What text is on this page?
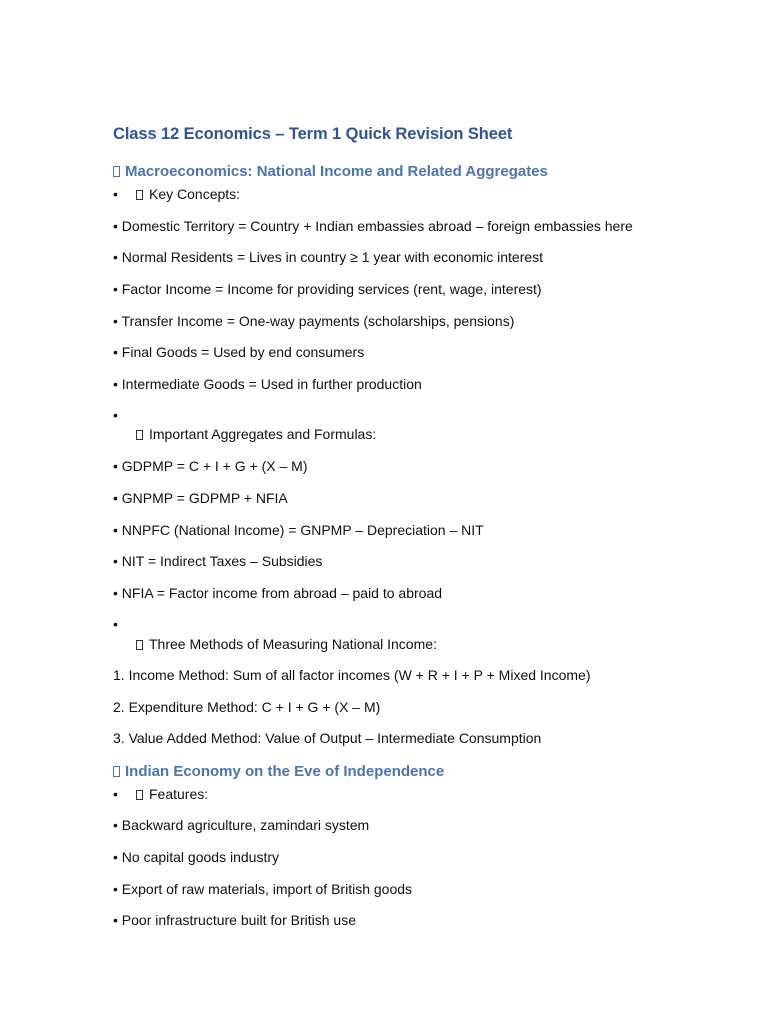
Class 12 Economics – Term 1 Quick Revision Sheet
Macroeconomics: National Income and Related Aggregates
•	Key Concepts:
• Domestic Territory = Country + Indian embassies abroad – foreign embassies here
• Normal Residents = Lives in country ≥ 1 year with economic interest
• Factor Income = Income for providing services (rent, wage, interest)
• Transfer Income = One-way payments (scholarships, pensions)
• Final Goods = Used by end consumers
• Intermediate Goods = Used in further production
•
Important Aggregates and Formulas:
• GDPMP = C + I + G + (X – M)
• GNPMP = GDPMP + NFIA
• NNPFC (National Income) = GNPMP – Depreciation – NIT
• NIT = Indirect Taxes – Subsidies
• NFIA = Factor income from abroad – paid to abroad
•
Three Methods of Measuring National Income:
1. Income Method: Sum of all factor incomes (W + R + I + P + Mixed Income)
2. Expenditure Method: C + I + G + (X – M)
3. Value Added Method: Value of Output – Intermediate Consumption
Indian Economy on the Eve of Independence
•	Features:
• Backward agriculture, zamindari system
• No capital goods industry
• Export of raw materials, import of British goods
• Poor infrastructure built for British use
